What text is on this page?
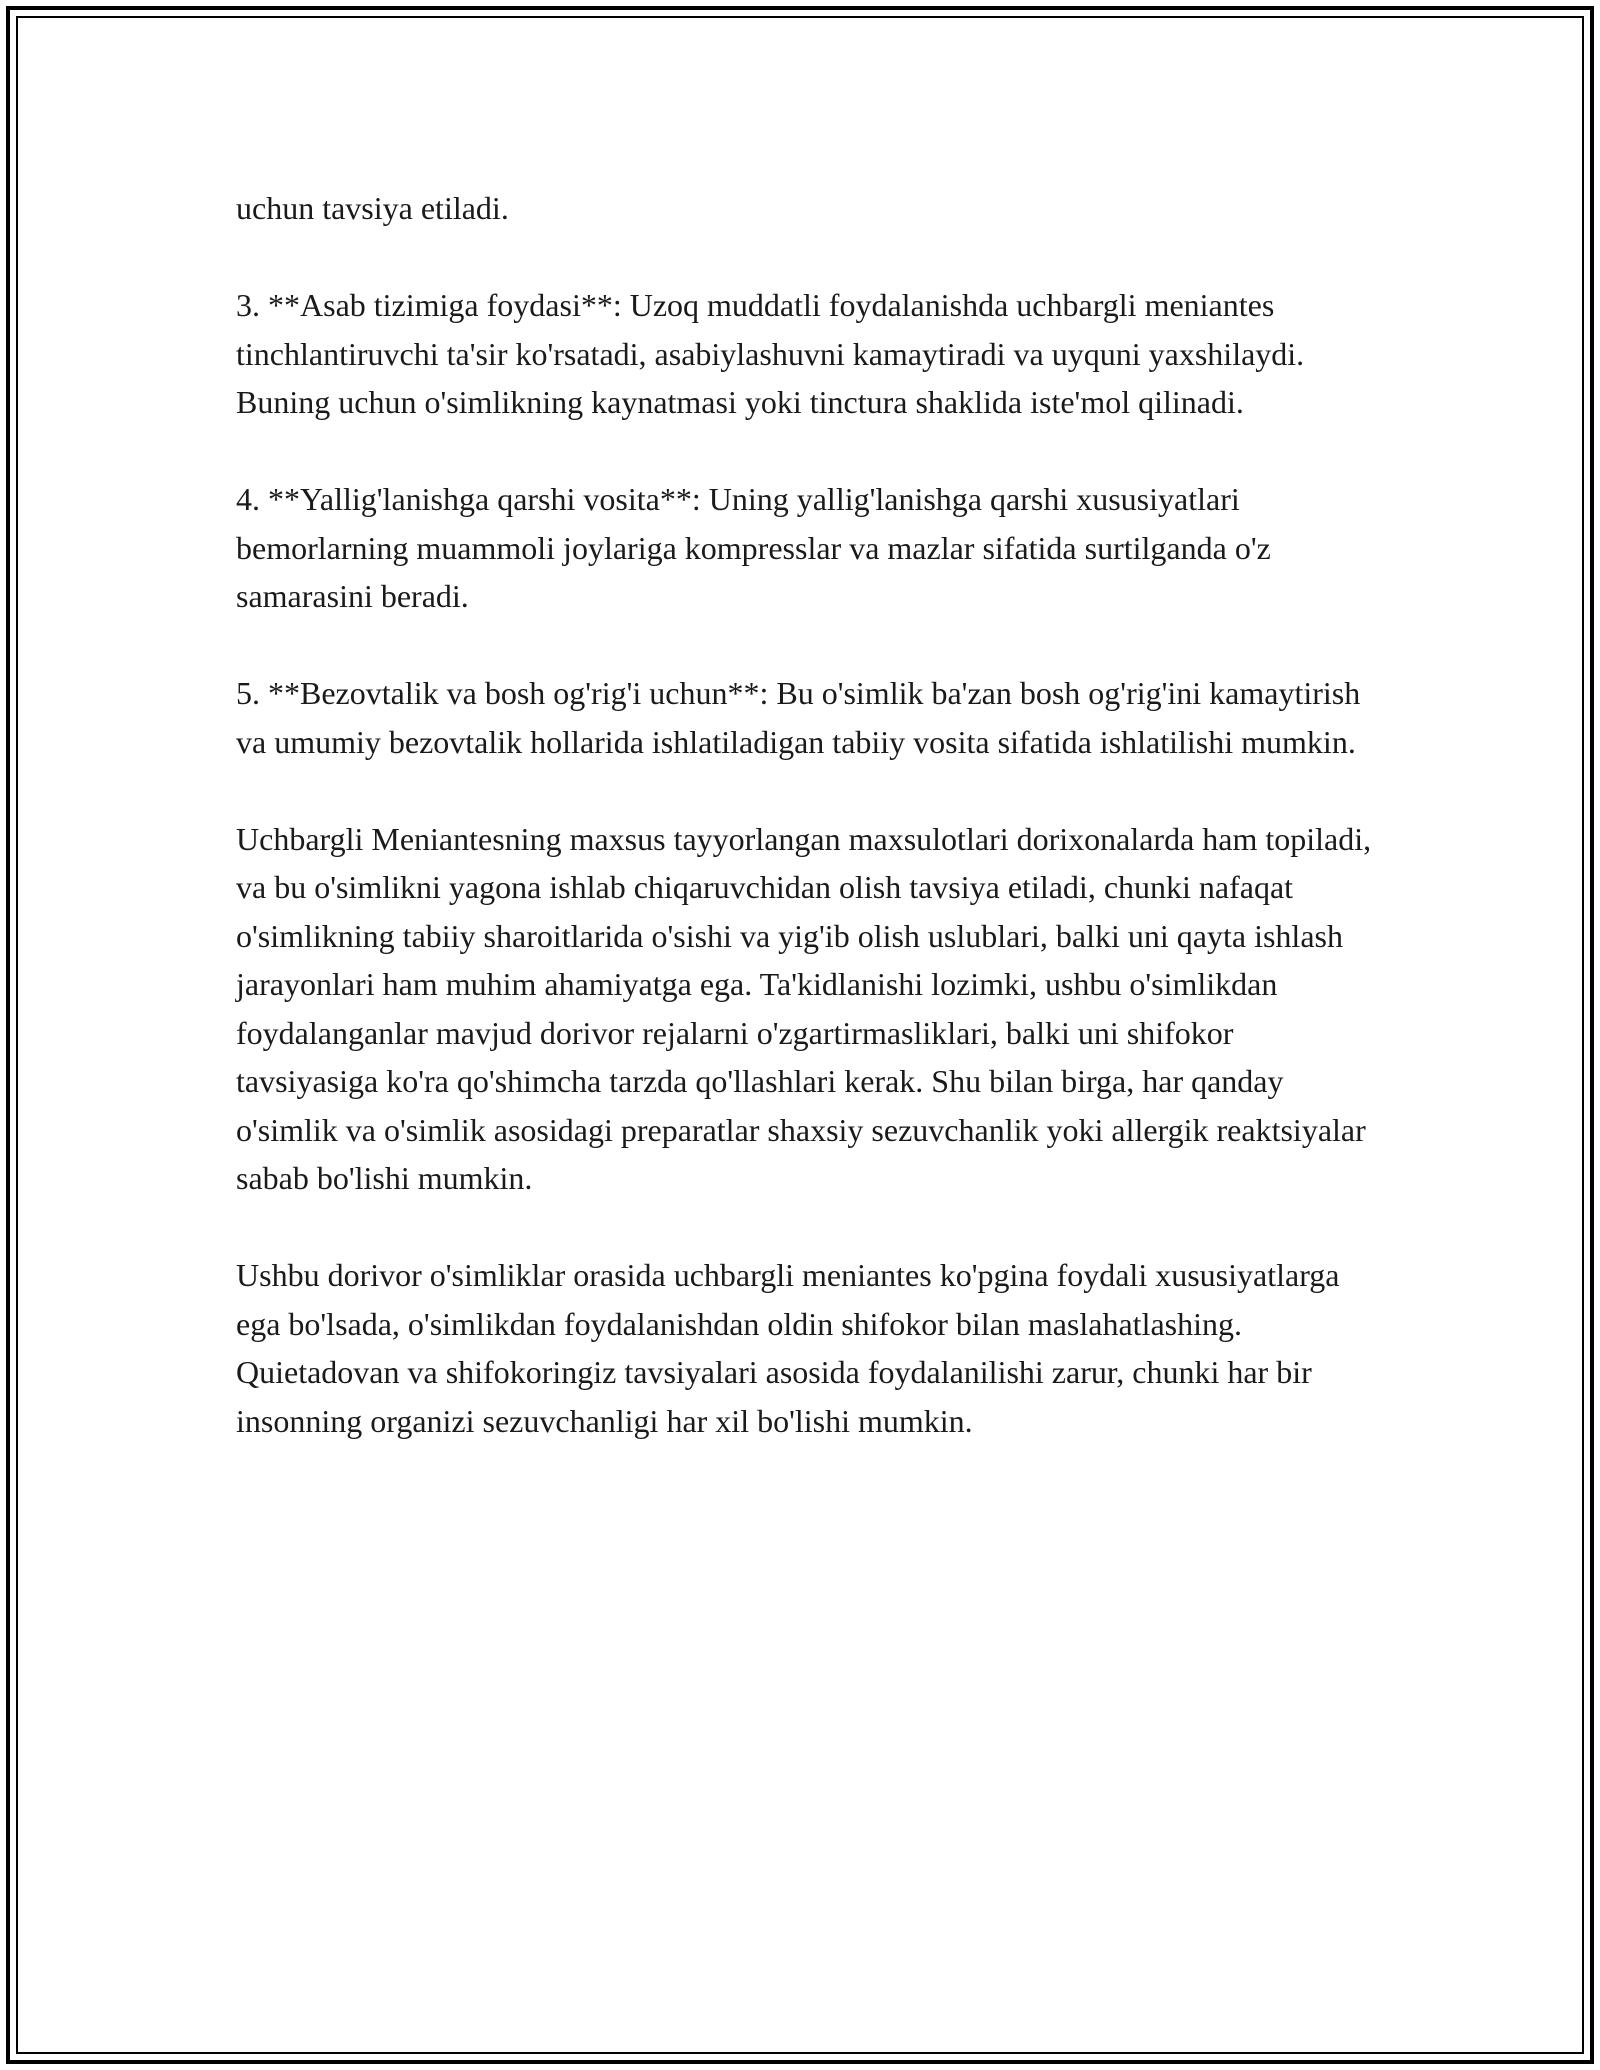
uchun tavsiya etiladi.

3. **Asab tizimiga foydasi**: Uzoq muddatli foydalanishda uchbargli meniantes tinchlantiruvchi ta'sir ko'rsatadi, asabiylashuvni kamaytiradi va uyquni yaxshilaydi. Buning uchun o'simlikning kaynatmasi yoki tinctura shaklida iste'mol qilinadi.

4. **Yallig'lanishga qarshi vosita**: Uning yallig'lanishga qarshi xususiyatlari bemorlarning muammoli joylariga kompresslar va mazlar sifatida surtilganda o'z samarasini beradi.

5. **Bezovtalik va bosh og'rig'i uchun**: Bu o'simlik ba'zan bosh og'rig'ini kamaytirish va umumiy bezovtalik hollarida ishlatiladigan tabiiy vosita sifatida ishlatilishi mumkin.

Uchbargli Meniantesning maxsus tayyorlangan maxsulotlari dorixonalarda ham topiladi, va bu o'simlikni yagona ishlab chiqaruvchidan olish tavsiya etiladi, chunki nafaqat o'simlikning tabiiy sharoitlarida o'sishi va yig'ib olish uslublari, balki uni qayta ishlash jarayonlari ham muhim ahamiyatga ega. Ta'kidlanishi lozimki, ushbu o'simlikdan foydalanganlar mavjud dorivor rejalarni o'zgartirmasliklari, balki uni shifokor tavsiyasiga ko'ra qo'shimcha tarzda qo'llashlari kerak. Shu bilan birga, har qanday o'simlik va o'simlik asosidagi preparatlar shaxsiy sezuvchanlik yoki allergik reaktsiyalar sabab bo'lishi mumkin.

Ushbu dorivor o'simliklar orasida uchbargli meniantes ko'pgina foydali xususiyatlarga ega bo'lsada, o'simlikdan foydalanishdan oldin shifokor bilan maslahatlashing. Quietadovan va shifokoringiz tavsiyalari asosida foydalanilishi zarur, chunki har bir insonning organizi sezuvchanligi har xil bo'lishi mumkin.
